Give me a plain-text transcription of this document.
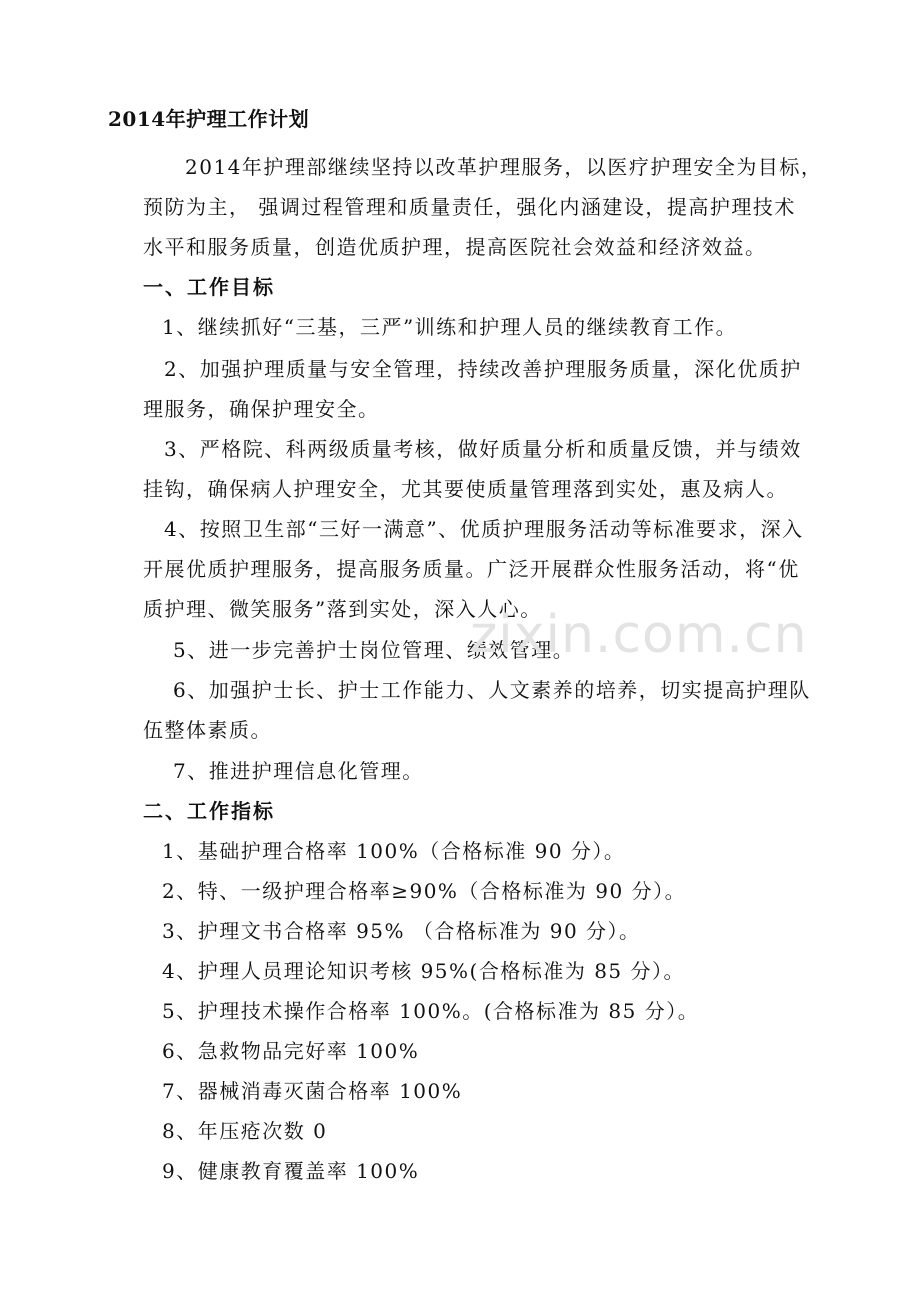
2014年护理工作计划
2014年护理部继续坚持以改革护理服务，以医疗护理安全为目标，
预防为主， 强调过程管理和质量责任，强化内涵建设，提高护理技术
水平和服务质量，创造优质护理，提高医院社会效益和经济效益。
一、工作目标
1、继续抓好“三基，三严”训练和护理人员的继续教育工作。
2、加强护理质量与安全管理，持续改善护理服务质量，深化优质护
理服务，确保护理安全。
3、严格院、科两级质量考核，做好质量分析和质量反馈，并与绩效
挂钩，确保病人护理安全，尤其要使质量管理落到实处，惠及病人。
4、按照卫生部“三好一满意”、优质护理服务活动等标准要求，深入
开展优质护理服务，提高服务质量。广泛开展群众性服务活动，将“优
质护理、微笑服务”落到实处，深入人心。
5、进一步完善护士岗位管理、绩效管理。
6、加强护士长、护士工作能力、人文素养的培养，切实提高护理队
伍整体素质。
7、推进护理信息化管理。
二、工作指标
1、基础护理合格率 100%（合格标准 90 分）。
2、特、一级护理合格率≥90%（合格标准为 90 分）。
3、护理文书合格率 95% （合格标准为 90 分）。
4、护理人员理论知识考核 95%(合格标准为 85 分）。
5、护理技术操作合格率 100%。(合格标准为 85 分）。
6、急救物品完好率 100%
7、器械消毒灭菌合格率 100%
8、年压疮次数 0
9、健康教育覆盖率 100%
zixin.com.cn
